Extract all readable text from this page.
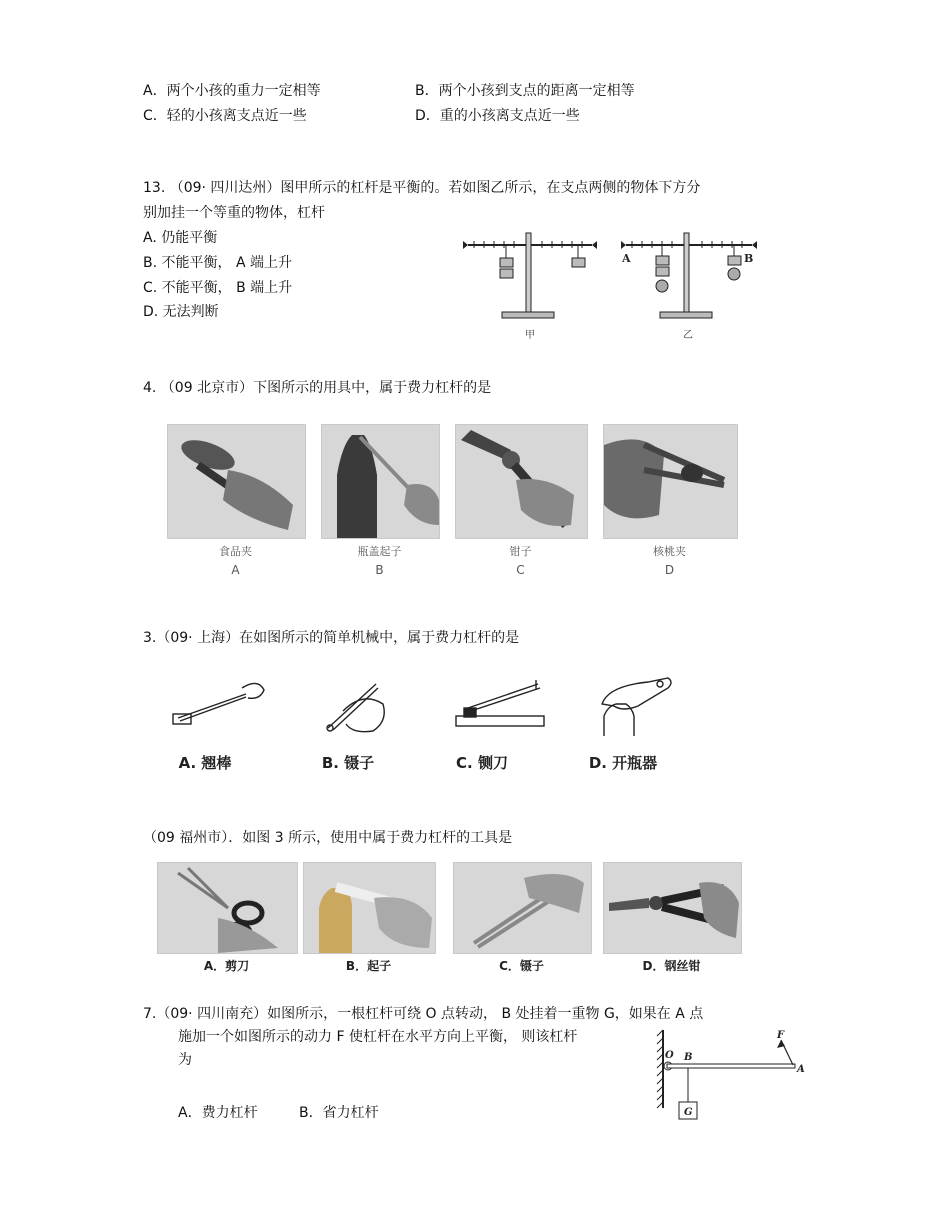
A．两个小孩的重力一定相等	B．两个小孩到支点的距离一定相等
C．轻的小孩离支点近一些	D．重的小孩离支点近一些
13. （09· 四川达州）图甲所示的杠杆是平衡的。若如图乙所示，在支点两侧的物体下方分
别加挂一个等重的物体，杠杆
A. 仍能平衡
B. 不能平衡， A 端上升
C. 不能平衡， B 端上升
D. 无法判断
甲
A	B
乙
4. （09 北京市）下图所示的用具中，属于费力杠杆的是
食品夹
A
瓶盖起子
B
钳子
C
核桃夹
D
3.（09· 上海）在如图所示的简单机械中，属于费力杠杆的是
A. 翘棒	B. 镊子	C. 铡刀	D. 开瓶器
（09 福州市）．如图 3 所示，使用中属于费力杠杆的工具是
A．剪刀	B．起子	C．镊子	D．钢丝钳
7.（09· 四川南充）如图所示，一根杠杆可绕 O 点转动， B 处挂着一重物 G，如果在 A 点
施加一个如图所示的动力 F 使杠杆在水平方向上平衡， 则该杠杆
为
A．费力杠杆	B．省力杠杆
O B
A
F
G
